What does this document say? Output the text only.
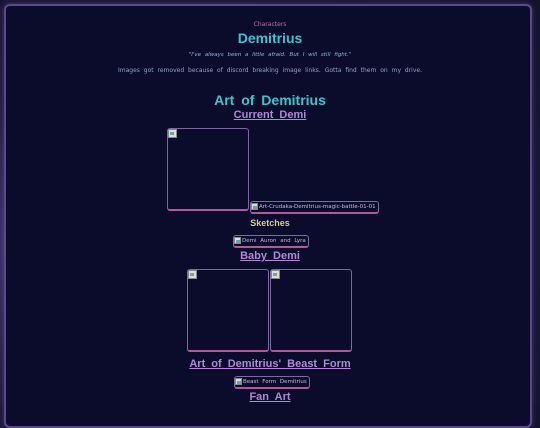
Characters
Demitrius
"I've always been a little afraid. But I will still fight."
Images got removed because of discord breaking image links. Gotta find them on my drive.
Art of Demitrius
Current Demi
Art-Crudaka-Demitrius-magic-battle-01-01
Sketches
Demi Auron and Lyra
Baby Demi
Art of Demitrius' Beast Form
Beast Form Demitrius
Fan Art
